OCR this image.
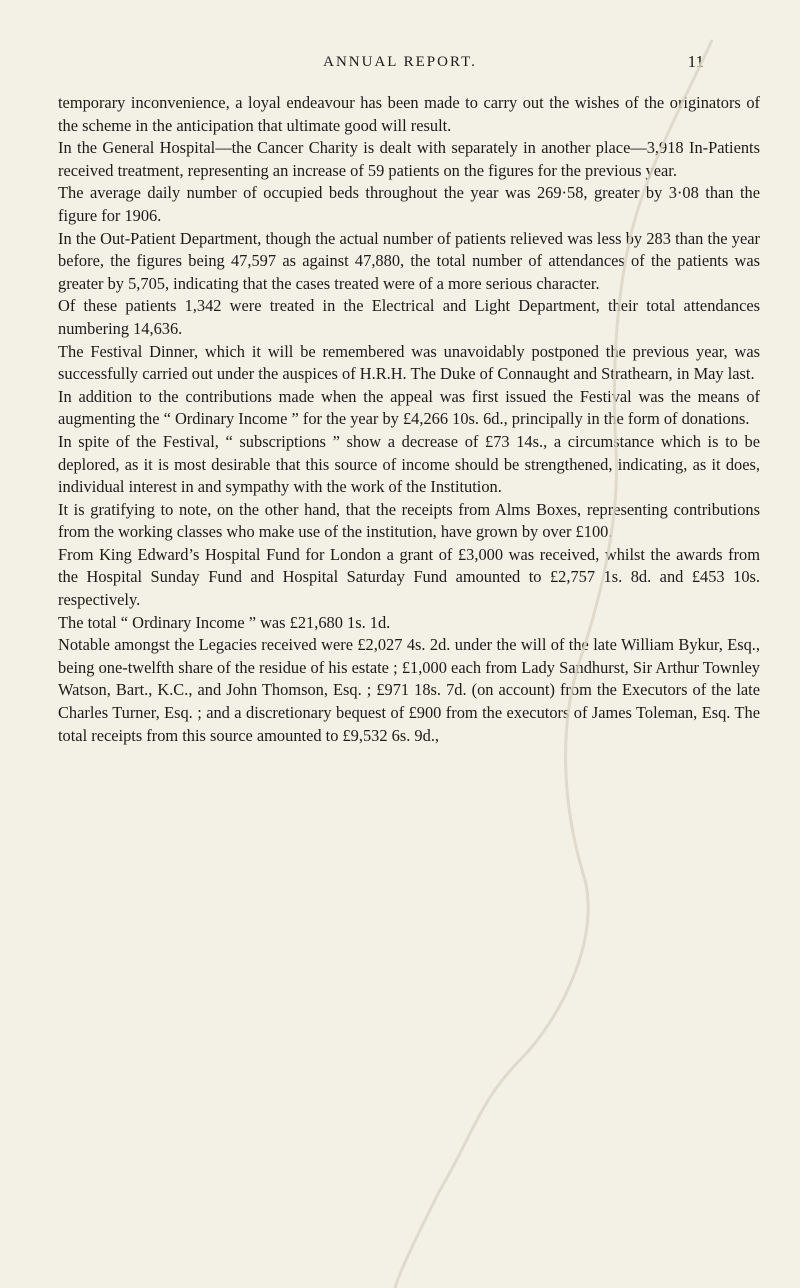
ANNUAL REPORT.	11

temporary inconvenience, a loyal endeavour has been made to carry out the wishes of the originators of the scheme in the anticipation that ultimate good will result.

In the General Hospital—the Cancer Charity is dealt with separately in another place—3,918 In-Patients received treatment, representing an increase of 59 patients on the figures for the previous year.

The average daily number of occupied beds throughout the year was 269·58, greater by 3·08 than the figure for 1906.

In the Out-Patient Department, though the actual number of patients relieved was less by 283 than the year before, the figures being 47,597 as against 47,880, the total number of attendances of the patients was greater by 5,705, indicating that the cases treated were of a more serious character.

Of these patients 1,342 were treated in the Electrical and Light Department, their total attendances numbering 14,636.

The Festival Dinner, which it will be remembered was unavoidably postponed the previous year, was successfully carried out under the auspices of H.R.H. The Duke of Connaught and Strathearn, in May last.

In addition to the contributions made when the appeal was first issued the Festival was the means of augmenting the “ Ordinary Income ” for the year by £4,266 10s. 6d., principally in the form of donations.

In spite of the Festival, “ subscriptions ” show a decrease of £73 14s., a circumstance which is to be deplored, as it is most desirable that this source of income should be strengthened, indicating, as it does, individual interest in and sympathy with the work of the Institution.

It is gratifying to note, on the other hand, that the receipts from Alms Boxes, representing contributions from the working classes who make use of the institution, have grown by over £100.

From King Edward’s Hospital Fund for London a grant of £3,000 was received, whilst the awards from the Hospital Sunday Fund and Hospital Saturday Fund amounted to £2,757 1s. 8d. and £453 10s. respectively.

The total “ Ordinary Income ” was £21,680 1s. 1d.

Notable amongst the Legacies received were £2,027 4s. 2d. under the will of the late William Bykur, Esq., being one-twelfth share of the residue of his estate ; £1,000 each from Lady Sandhurst, Sir Arthur Townley Watson, Bart., K.C., and John Thomson, Esq. ; £971 18s. 7d. (on account) from the Executors of the late Charles Turner, Esq. ; and a discretionary bequest of £900 from the executors of James Toleman, Esq. The total receipts from this source amounted to £9,532 6s. 9d.,
